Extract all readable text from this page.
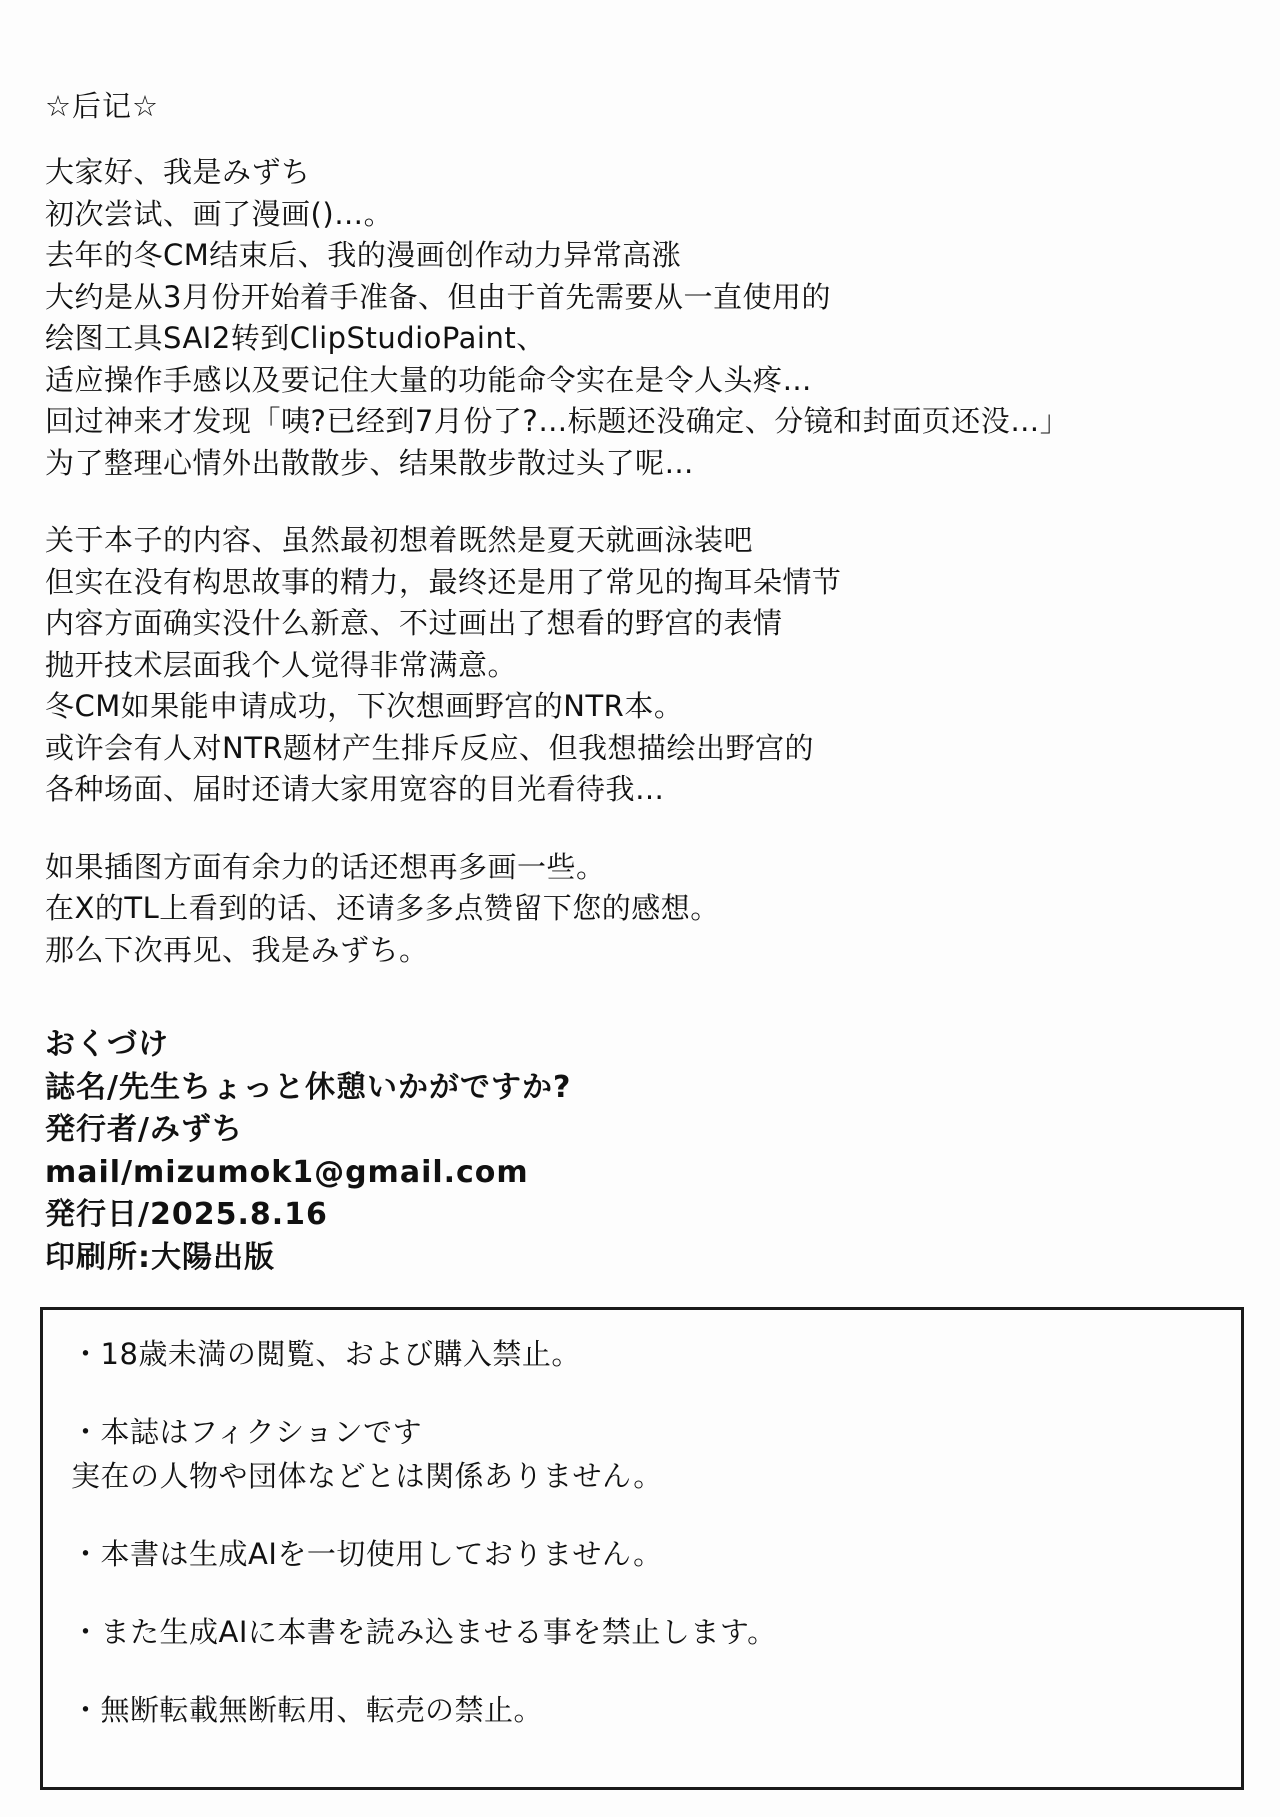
☆后记☆
大家好、我是みずち
初次尝试、画了漫画()…。
去年的冬CM结束后、我的漫画创作动力异常高涨
大约是从3月份开始着手准备、但由于首先需要从一直使用的
绘图工具SAI2转到ClipStudioPaint、
适应操作手感以及要记住大量的功能命令实在是令人头疼…
回过神来才发现「咦?已经到7月份了?…标题还没确定、分镜和封面页还没…」
为了整理心情外出散散步、结果散步散过头了呢…
关于本子的内容、虽然最初想着既然是夏天就画泳装吧
但实在没有构思故事的精力，最终还是用了常见的掏耳朵情节
内容方面确实没什么新意、不过画出了想看的野宫的表情
抛开技术层面我个人觉得非常满意。
冬CM如果能申请成功，下次想画野宫的NTR本。
或许会有人对NTR题材产生排斥反应、但我想描绘出野宫的
各种场面、届时还请大家用宽容的目光看待我…
如果插图方面有余力的话还想再多画一些。
在X的TL上看到的话、还请多多点赞留下您的感想。
那么下次再见、我是みずち。
おくづけ
誌名/先生ちょっと休憩いかがですか?
発行者/みずち
mail/mizumok1@gmail.com
発行日/2025.8.16
印刷所:大陽出版
・18歳未満の閲覧、および購入禁止。
・本誌はフィクションです
実在の人物や団体などとは関係ありません。
・本書は生成AIを一切使用しておりません。
・また生成AIに本書を読み込ませる事を禁止します。
・無断転載無断転用、転売の禁止。
